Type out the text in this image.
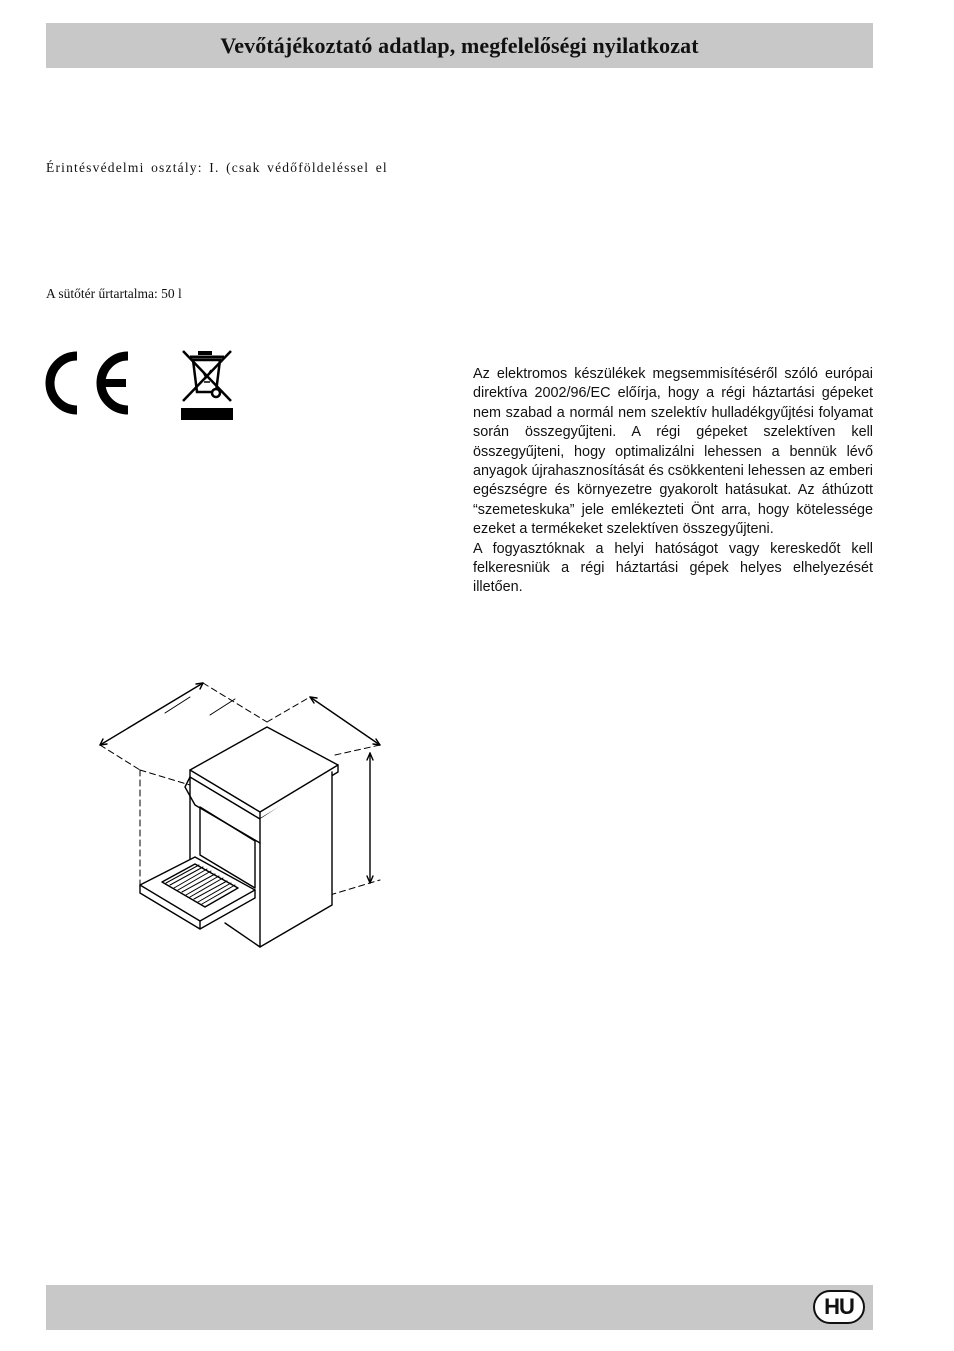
Vevőtájékoztató adatlap, megfelelőségi nyilatkozat
Érintésvédelmi osztály: I. (csak védőföldeléssel el
A sütőtér űrtartalma: 50 l

Az elektromos készülékek megsemmisítéséről szóló európai direktíva 2002/96/EC előírja, hogy a régi háztartási gépeket nem szabad a normál nem szelektív hulladékgyűjtési folyamat során összegyűjteni. A régi gépeket szelektíven kell összegyűjteni, hogy optimalizálni lehessen a bennük lévő anyagok újrahasznosítását és csökkenteni lehessen az emberi egészségre és környezetre gyakorolt hatásukat. Az áthúzott “szemeteskuka” jele emlékezteti Önt arra, hogy kötelessége ezeket a termékeket szelektíven összegyűjteni.

A fogyasztóknak a helyi hatóságot vagy kereskedőt kell felkeresniük a régi háztartási gépek helyes elhelyezését illetően.

HU
